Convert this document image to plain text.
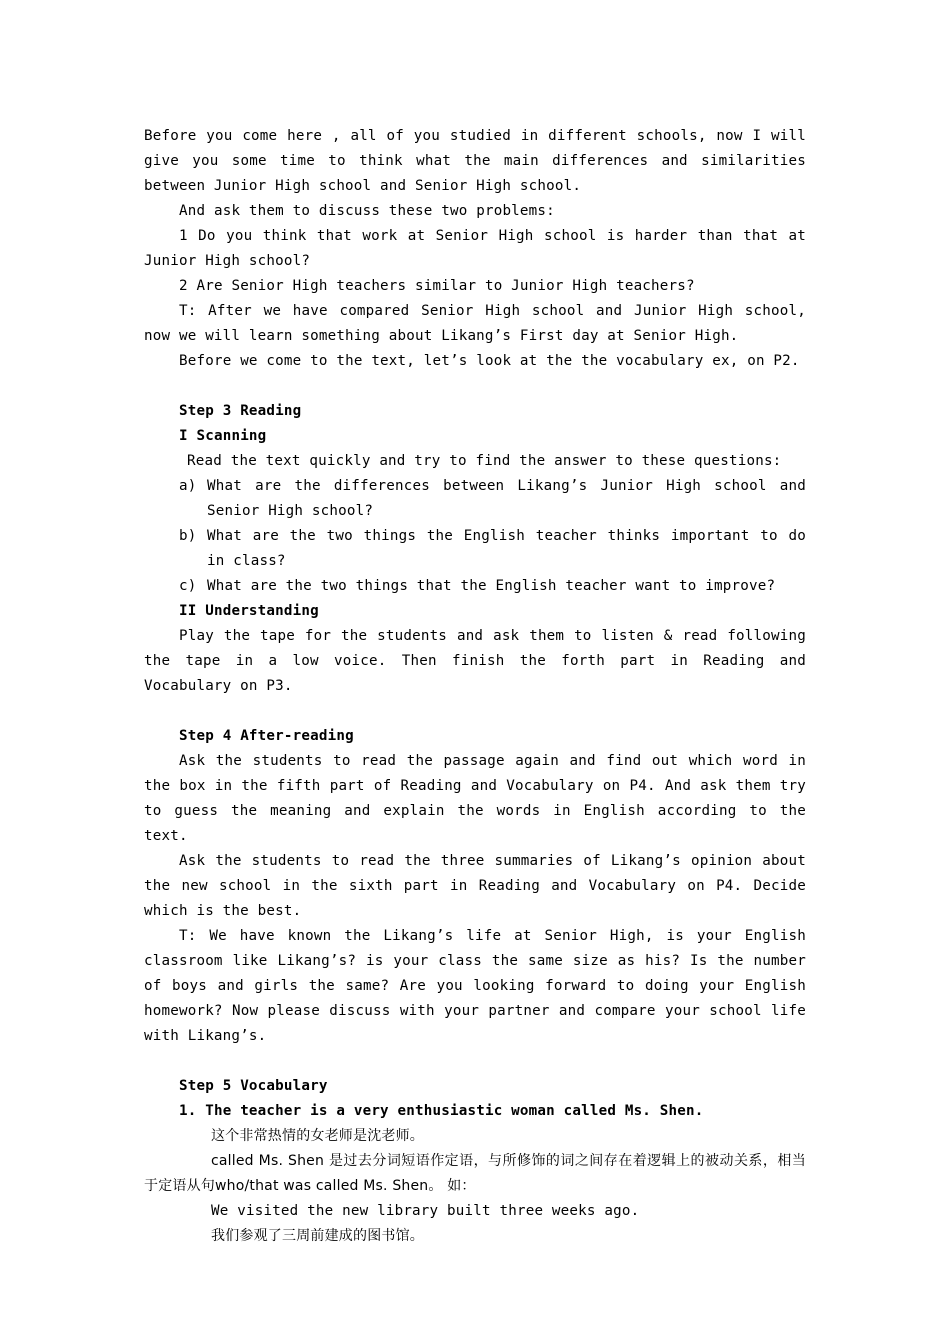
Before you come here , all of you studied in different schools, now I will give you some time to think what the main differences and similarities between Junior High school and Senior High school.

And ask them to discuss these two problems:

1 Do you think that work at Senior High school is harder than that at Junior High school?

2 Are Senior High teachers similar to Junior High teachers?

T: After we have compared Senior High school and Junior High school, now we will learn something about Likang’s First day at Senior High.

Before we come to the text, let’s look at the the vocabulary ex, on P2.

Step 3 Reading

I Scanning

Read the text quickly and try to find the answer to these questions:

a) What are the differences between Likang’s Junior High school and Senior High school?
b) What are the two things the English teacher thinks important to do in class?
c) What are the two things that the English teacher want to improve?

II Understanding

Play the tape for the students and ask them to listen & read following the tape in a low voice. Then finish the forth part in Reading and Vocabulary on P3.

Step 4 After-reading

Ask the students to read the passage again and find out which word in the box in the fifth part of Reading and Vocabulary on P4. And ask them try to guess the meaning and explain the words in English according to the text.

Ask the students to read the three summaries of Likang’s opinion about the new school in the sixth part in Reading and Vocabulary on P4. Decide which is the best.

T: We have known the Likang’s life at Senior High, is your English classroom like Likang’s? is your class the same size as his? Is the number of boys and girls the same? Are you looking forward to doing your English homework? Now please discuss with your partner and compare your school life with Likang’s.

Step 5 Vocabulary

1. The teacher is a very enthusiastic woman called Ms. Shen.

这个非常热情的女老师是沈老师。

called Ms. Shen 是过去分词短语作定语，与所修饰的词之间存在着逻辑上的被动关系，相当于定语从句who/that was called Ms. Shen。 如：

We visited the new library built three weeks ago.

我们参观了三周前建成的图书馆。
